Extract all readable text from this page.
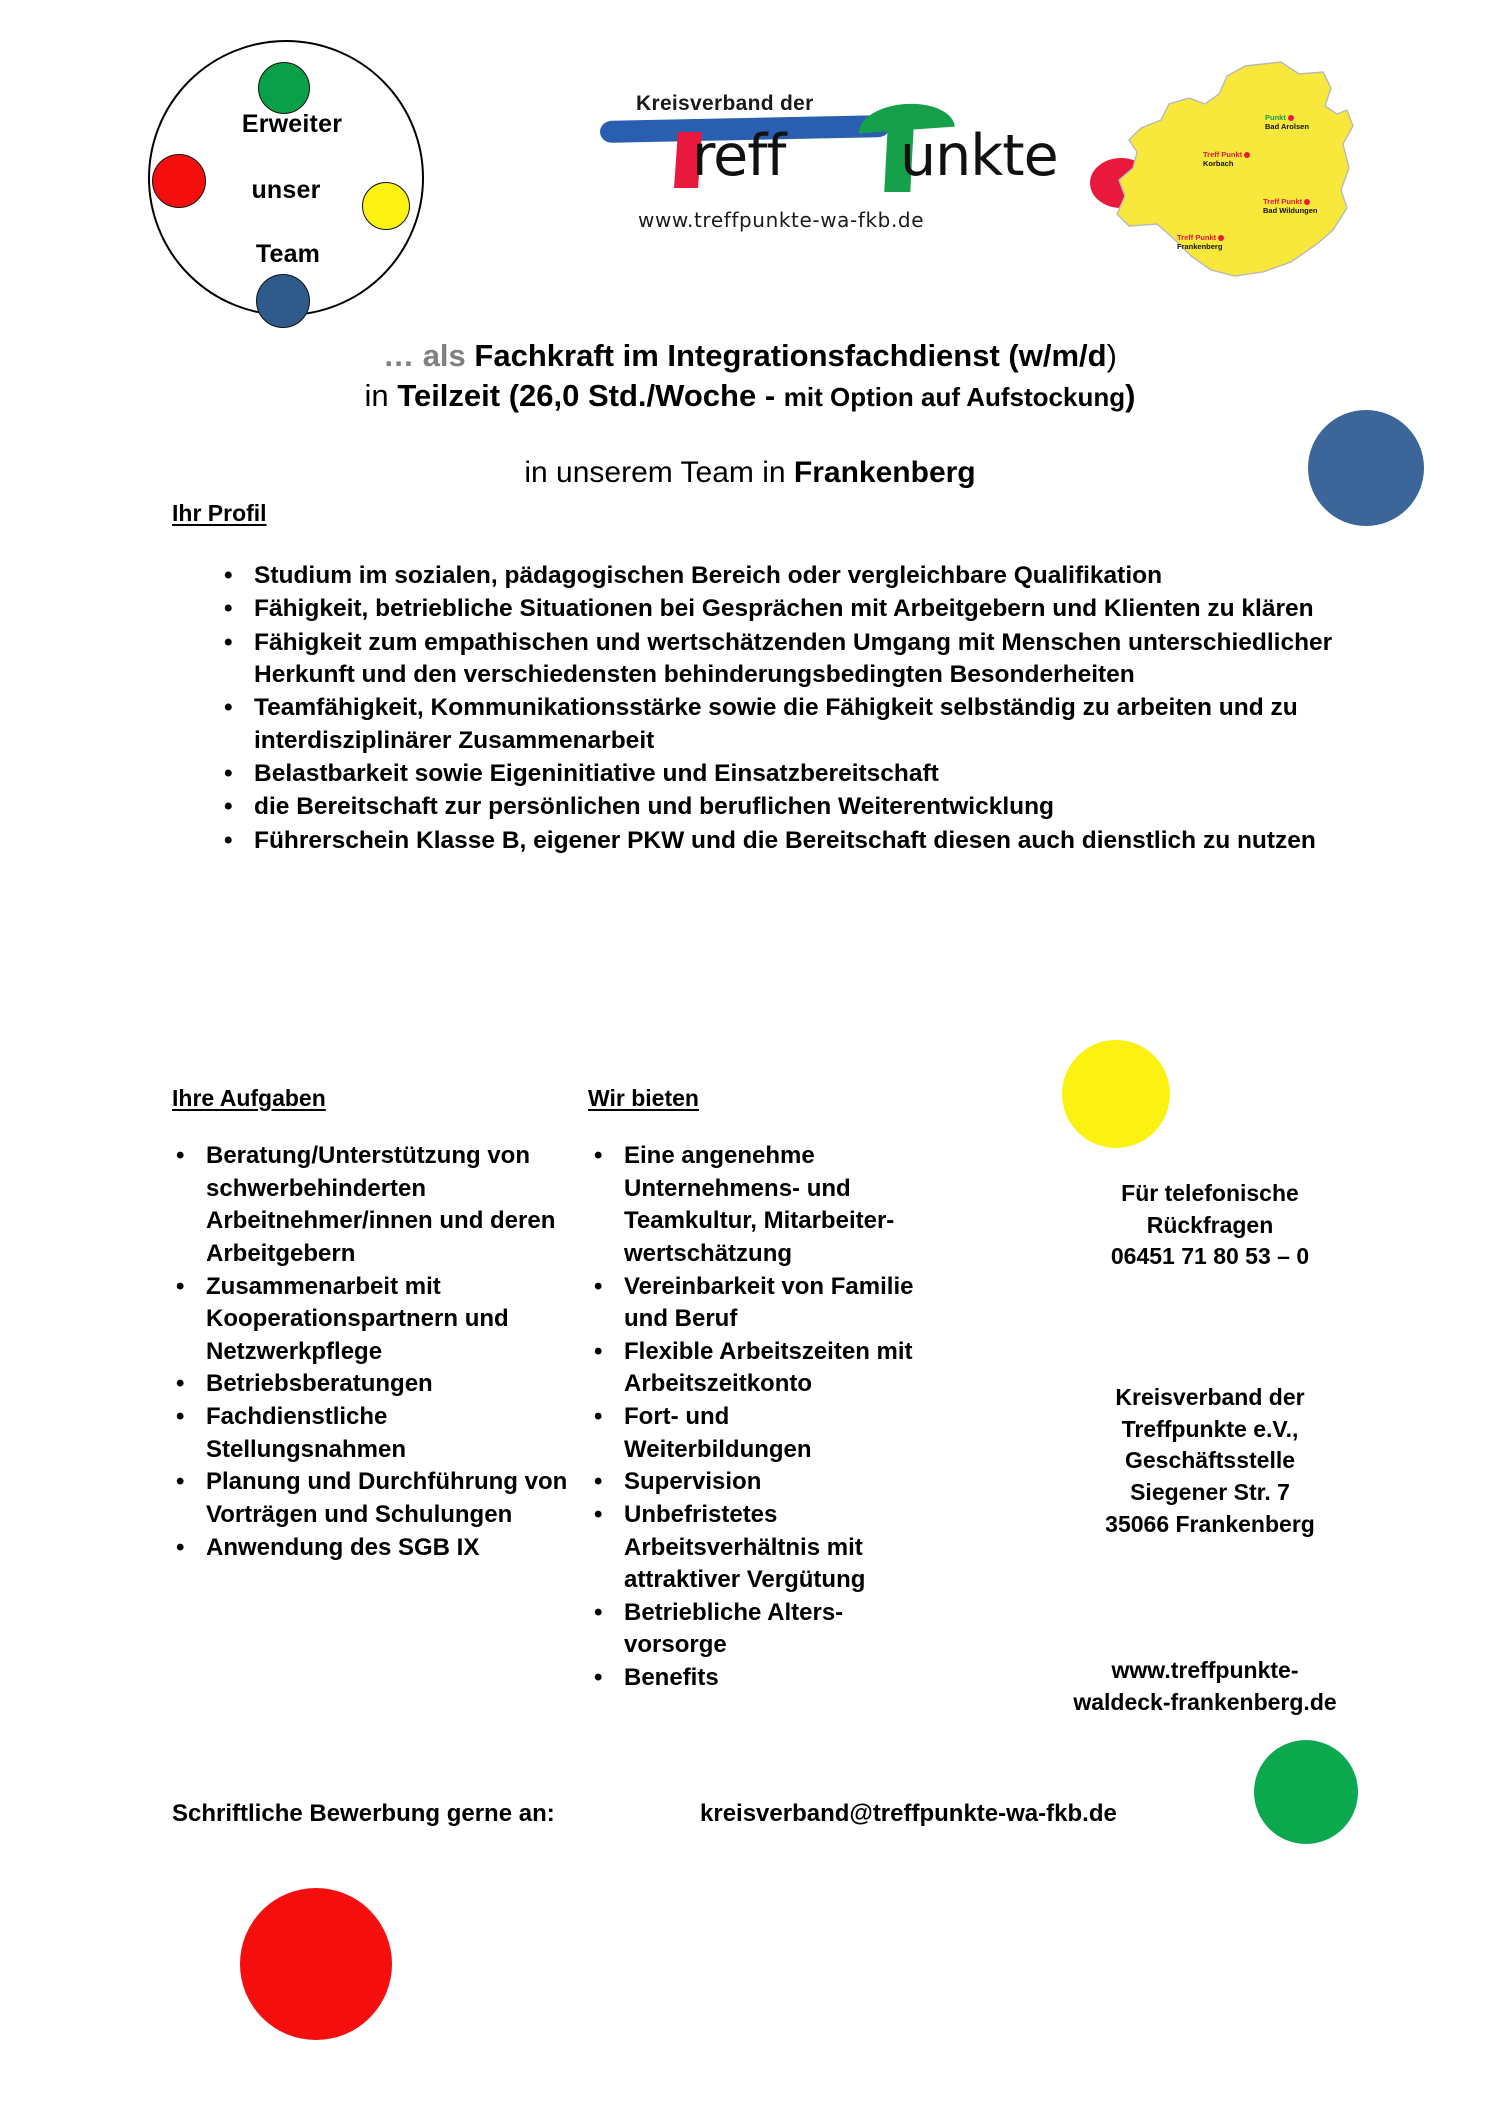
Erweiter
unser
Team
Kreisverband der
reff unkte
www.treffpunkte-wa-fkb.de
Punkt
Bad Arolsen
Treff Punkt
Korbach
Treff Punkt
Bad Wildungen
Treff Punkt
Frankenberg
… als Fachkraft im Integrationsfachdienst (w/m/d)
in Teilzeit (26,0 Std./Woche - mit Option auf Aufstockung)
in unserem Team in Frankenberg
Ihr Profil
• Studium im sozialen, pädagogischen Bereich oder vergleichbare Qualifikation
• Fähigkeit, betriebliche Situationen bei Gesprächen mit Arbeitgebern und Klienten zu klären
• Fähigkeit zum empathischen und wertschätzenden Umgang mit Menschen unterschiedlicher Herkunft und den verschiedensten behinderungsbedingten Besonderheiten
• Teamfähigkeit, Kommunikationsstärke sowie die Fähigkeit selbständig zu arbeiten und zu interdisziplinärer Zusammenarbeit
• Belastbarkeit sowie Eigeninitiative und Einsatzbereitschaft
• die Bereitschaft zur persönlichen und beruflichen Weiterentwicklung
• Führerschein Klasse B, eigener PKW und die Bereitschaft diesen auch dienstlich zu nutzen
Ihre Aufgaben
• Beratung/Unterstützung von schwerbehinderten Arbeitnehmer/innen und deren Arbeitgebern
• Zusammenarbeit mit Kooperationspartnern und Netzwerkpflege
• Betriebsberatungen
• Fachdienstliche Stellungsnahmen
• Planung und Durchführung von Vorträgen und Schulungen
• Anwendung des SGB IX
Wir bieten
• Eine angenehme Unternehmens- und Teamkultur, Mitarbeiter-wertschätzung
• Vereinbarkeit von Familie und Beruf
• Flexible Arbeitszeiten mit Arbeitszeitkonto
• Fort- und Weiterbildungen
• Supervision
• Unbefristetes Arbeitsverhältnis mit attraktiver Vergütung
• Betriebliche Alters-vorsorge
• Benefits
Für telefonische
Rückfragen
06451 71 80 53 – 0
Kreisverband der
Treffpunkte e.V.,
Geschäftsstelle
Siegener Str. 7
35066 Frankenberg
www.treffpunkte-
waldeck-frankenberg.de
Schriftliche Bewerbung gerne an:	kreisverband@treffpunkte-wa-fkb.de
